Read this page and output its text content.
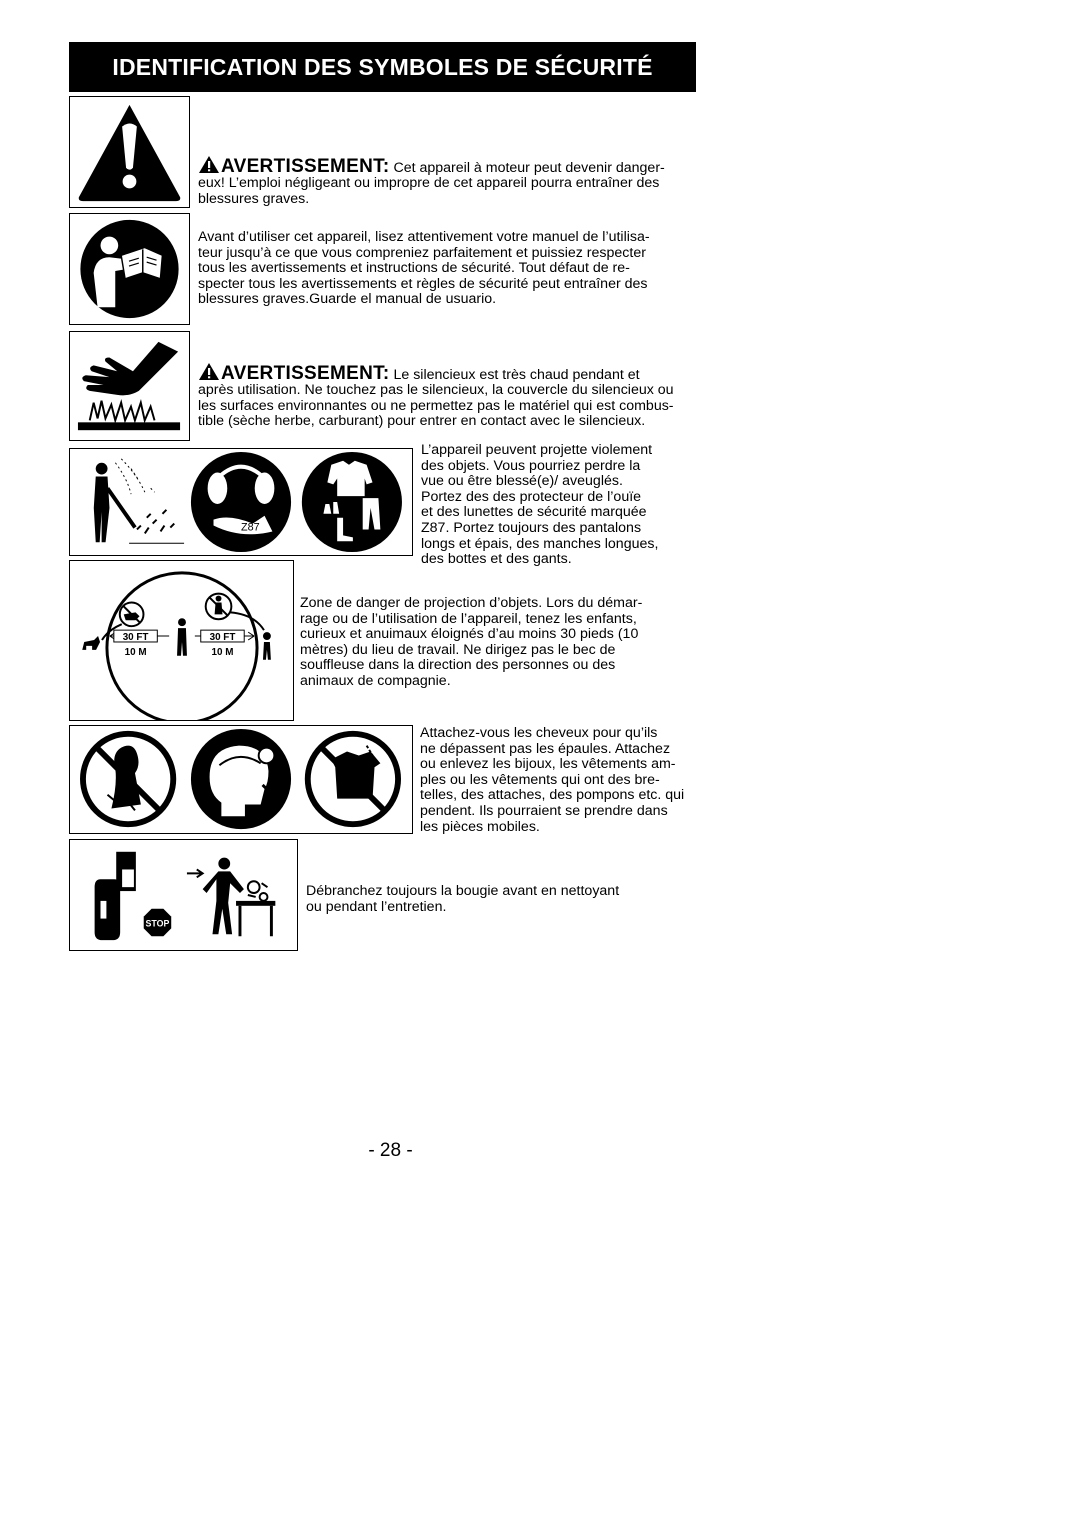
IDENTIFICATION DES SYMBOLES DE SÉCURITÉ

AVERTISSEMENT: Cet appareil à moteur peut devenir danger-
eux! L’emploi négligeant ou impropre de cet appareil pourra entraîner des
blessures graves.

Avant d’utiliser cet appareil, lisez attentivement votre manuel de l’utilisa-
teur jusqu’à ce que vous compreniez parfaitement et puissiez respecter
tous les avertissements et instructions de sécurité. Tout défaut de re-
specter tous les avertissements et règles de sécurité peut entraîner des
blessures graves.Guarde el manual de usuario.

AVERTISSEMENT: Le silencieux est très chaud pendant et
après utilisation. Ne touchez pas le silencieux, la couvercle du silencieux ou
les surfaces environnantes ou ne permettez pas le matériel qui est combus-
tible (sèche herbe, carburant) pour entrer en contact avec le silencieux.

Z87
L’appareil peuvent projette violement
des objets. Vous pourriez perdre la
vue ou être blessé(e)/ aveuglés.
Portez des des protecteur de l’ouïe
et des lunettes de sécurité marquée
Z87. Portez toujours des pantalons
longs et épais, des manches longues,
des bottes et des gants.
30 FT	30 FT
10 M	10 M
Zone de danger de projection d’objets. Lors du démar-
rage ou de l’utilisation de l’appareil, tenez les enfants,
curieux et anuimaux éloignés d’au moins 30 pieds (10
mètres) du lieu de travail. Ne dirigez pas le bec de
souffleuse dans la direction des personnes ou des
animaux de compagnie.
Attachez‑vous les cheveux pour qu’ils
ne dépassent pas les épaules. Attachez
ou enlevez les bijoux, les vêtements am-
ples ou les vêtements qui ont des bre-
telles, des attaches, des pompons etc. qui
pendent. Ils pourraient se prendre dans
les pièces mobiles.
STOP
Débranchez toujours la bougie avant en nettoyant
ou pendant l’entretien.
- 28 -
